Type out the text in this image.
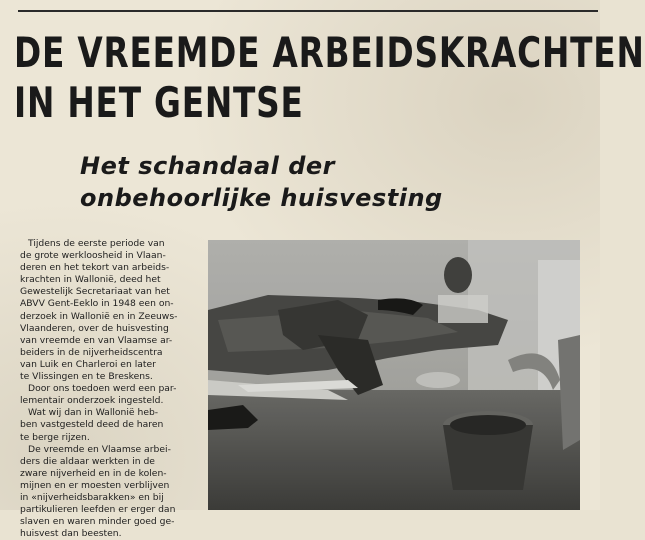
DE VREEMDE ARBEIDSKRACHTEN
IN HET GENTSE
Het schandaal der
onbehoorlijke huisvesting
Tijdens de eerste periode van
de grote werkloosheid in Vlaan-
deren en het tekort van arbeids-
krachten in Wallonië, deed het
Gewestelijk Secretariaat van het
ABVV Gent-Eeklo in 1948 een on-
derzoek in Wallonië en in Zeeuws-
Vlaanderen, over de huisvesting
van vreemde en van Vlaamse ar-
beiders in de nijverheidscentra
van Luik en Charleroi en later
te Vlissingen en te Breskens.
Door ons toedoen werd een par-
lementair onderzoek ingesteld.
Wat wij dan in Wallonië heb-
ben vastgesteld deed de haren
te berge rijzen.
De vreemde en Vlaamse arbei-
ders die aldaar werkten in de
zware nijverheid en in de kolen-
mijnen en er moesten verblijven
in «nijverheidsbarakken» en bij
partikulieren leefden er erger dan
slaven en waren minder goed ge-
huisvest dan beesten.
